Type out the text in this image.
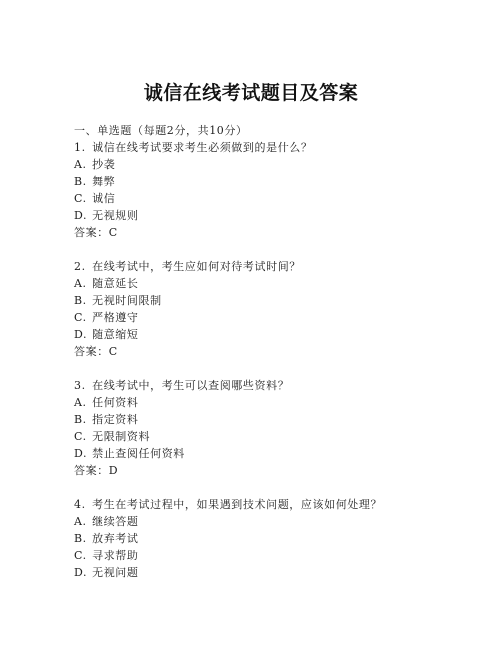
诚信在线考试题目及答案
一、单选题（每题2分，共10分）
1. 诚信在线考试要求考生必须做到的是什么？
A. 抄袭
B. 舞弊
C. 诚信
D. 无视规则
答案：C
2. 在线考试中，考生应如何对待考试时间？
A. 随意延长
B. 无视时间限制
C. 严格遵守
D. 随意缩短
答案：C
3. 在线考试中，考生可以查阅哪些资料？
A. 任何资料
B. 指定资料
C. 无限制资料
D. 禁止查阅任何资料
答案：D
4. 考生在考试过程中，如果遇到技术问题，应该如何处理？
A. 继续答题
B. 放弃考试
C. 寻求帮助
D. 无视问题
